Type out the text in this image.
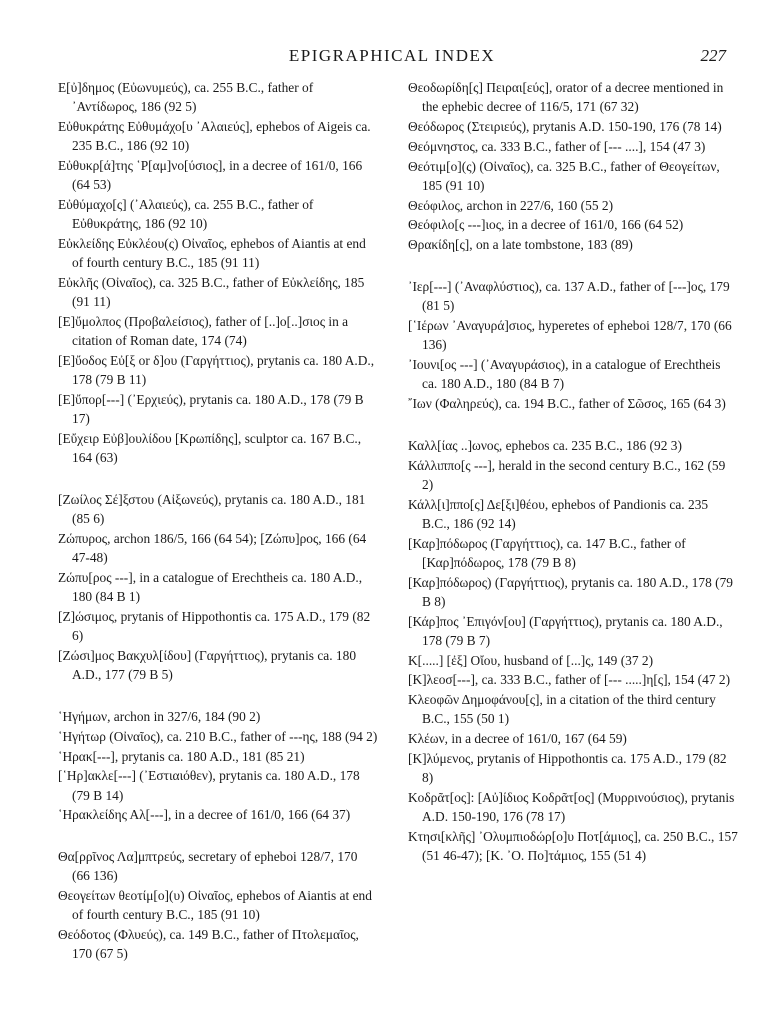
EPIGRAPHICAL INDEX	227
Ε[ὐ]δημος (Εὐωνυμεύς), ca. 255 B.C., father of ᾿Αντίδωρος, 186 (92 5)
Εὐθυκράτης Εὐθυμάχο[υ ᾿Αλαιεύς], ephebos of Aigeis ca. 235 B.C., 186 (92 10)
Εὐθυκρ[ά]της ῾Ρ[αμ]νο[ύσιος], in a decree of 161/0, 166 (64 53)
Εὐθύμαχο[ς] (᾿Αλαιεύς), ca. 255 B.C., father of Εὐθυκράτης, 186 (92 10)
Εὐκλείδης Εὐκλέου(ς) Οἰναῖος, ephebos of Aiantis at end of fourth century B.C., 185 (91 11)
Εὐκλῆς (Οἰναῖος), ca. 325 B.C., father of Εὐκλείδης, 185 (91 11)
[Ε]ὔμολπος (Προβαλείσιος), father of [..]ο[..]σιος in a citation of Roman date, 174 (74)
[Ε]ὔοδος Εὐ[ξ or δ]ου (Γαργήττιος), prytanis ca. 180 A.D., 178 (79 B 11)
[Ε]ὔπορ[---] (᾿Ερχιεύς), prytanis ca. 180 A.D., 178 (79 B 17)
[Εὔχειρ Εὐβ]ουλίδου [Κρωπίδης], sculptor ca. 167 B.C., 164 (63)
[Ζωίλος Σέ]ξστου (Αἰξωνεύς), prytanis ca. 180 A.D., 181 (85 6)
Ζώπυρος, archon 186/5, 166 (64 54); [Ζώπυ]ρος, 166 (64 47-48)
Ζώπυ[ρος ---], in a catalogue of Erechtheis ca. 180 A.D., 180 (84 B 1)
[Ζ]ώσιμος, prytanis of Hippothontis ca. 175 A.D., 179 (82 6)
[Ζώσι]μος Βακχυλ[ίδου] (Γαργήττιος), prytanis ca. 180 A.D., 177 (79 B 5)
῾Ηγήμων, archon in 327/6, 184 (90 2)
῾Ηγήτωρ (Οἰναῖος), ca. 210 B.C., father of ---ης, 188 (94 2)
῾Ηρακ[---], prytanis ca. 180 A.D., 181 (85 21)
[῾Ηρ]ακλε[---] (᾿Εστιαιόθεν), prytanis ca. 180 A.D., 178 (79 B 14)
῾Ηρακλείδης Αλ[---], in a decree of 161/0, 166 (64 37)
Θα[ρρῖνος Λα]μπτρεύς, secretary of epheboi 128/7, 170 (66 136)
Θεογείτων θεοτίμ[ο](υ) Οἰναῖος, ephebos of Aiantis at end of fourth century B.C., 185 (91 10)
Θεόδοτος (Φλυεύς), ca. 149 B.C., father of Πτολεμαῖος, 170 (67 5)
Θεοδωρίδη[ς] Πειραι[εύς], orator of a decree mentioned in the ephebic decree of 116/5, 171 (67 32)
Θεόδωρος (Στειριεύς), prytanis A.D. 150-190, 176 (78 14)
Θεόμνηστος, ca. 333 B.C., father of [--- ....], 154 (47 3)
Θεότιμ[ο](ς) (Οἰναῖος), ca. 325 B.C., father of Θεογείτων, 185 (91 10)
Θεόφιλος, archon in 227/6, 160 (55 2)
Θεόφιλο[ς ---]ιος, in a decree of 161/0, 166 (64 52)
Θρακίδη[ς], on a late tombstone, 183 (89)
᾿Ιερ[---] (᾿Αναφλύστιος), ca. 137 A.D., father of [---]ος, 179 (81 5)
[῾Ιέρων ᾿Αναγυρά]σιος, hyperetes of epheboi 128/7, 170 (66 136)
᾿Ιουνι[ος ---] (᾿Αναγυράσιος), in a catalogue of Erechtheis ca. 180 A.D., 180 (84 B 7)
῎Ιων (Φαληρεύς), ca. 194 B.C., father of Σῶσος, 165 (64 3)
Καλλ[ίας ..]ωνος, ephebos ca. 235 B.C., 186 (92 3)
Κάλλιππο[ς ---], herald in the second century B.C., 162 (59 2)
Κάλλ[ι]ππο[ς] Δε[ξι]θέου, ephebos of Pandionis ca. 235 B.C., 186 (92 14)
[Καρ]πόδωρος (Γαργήττιος), ca. 147 B.C., father of [Καρ]πόδωρος, 178 (79 B 8)
[Καρ]πόδωρος) (Γαργήττιος), prytanis ca. 180 A.D., 178 (79 B 8)
[Κάρ]πος ᾿Επιγόν[ου] (Γαργήττιος), prytanis ca. 180 A.D., 178 (79 B 7)
Κ[.....] [ἐξ] Οἴου, husband of [...]ς, 149 (37 2)
[Κ]λεοσ[---], ca. 333 B.C., father of [--- .....]η[ς], 154 (47 2)
Κλεοφῶν Δημοφάνου[ς], in a citation of the third century B.C., 155 (50 1)
Κλέων, in a decree of 161/0, 167 (64 59)
[Κ]λύμενος, prytanis of Hippothontis ca. 175 A.D., 179 (82 8)
Κοδρᾶτ[ος]: [Αὐ]ίδιος Κοδρᾶτ[ος] (Μυρρινούσιος), prytanis A.D. 150-190, 176 (78 17)
Κτησι[κλῆς] ᾿Ολυμπιοδώρ[ο]υ Ποτ[άμιος], ca. 250 B.C., 157 (51 46-47); [Κ. ᾿Ο. Πο]τάμιος, 155 (51 4)
